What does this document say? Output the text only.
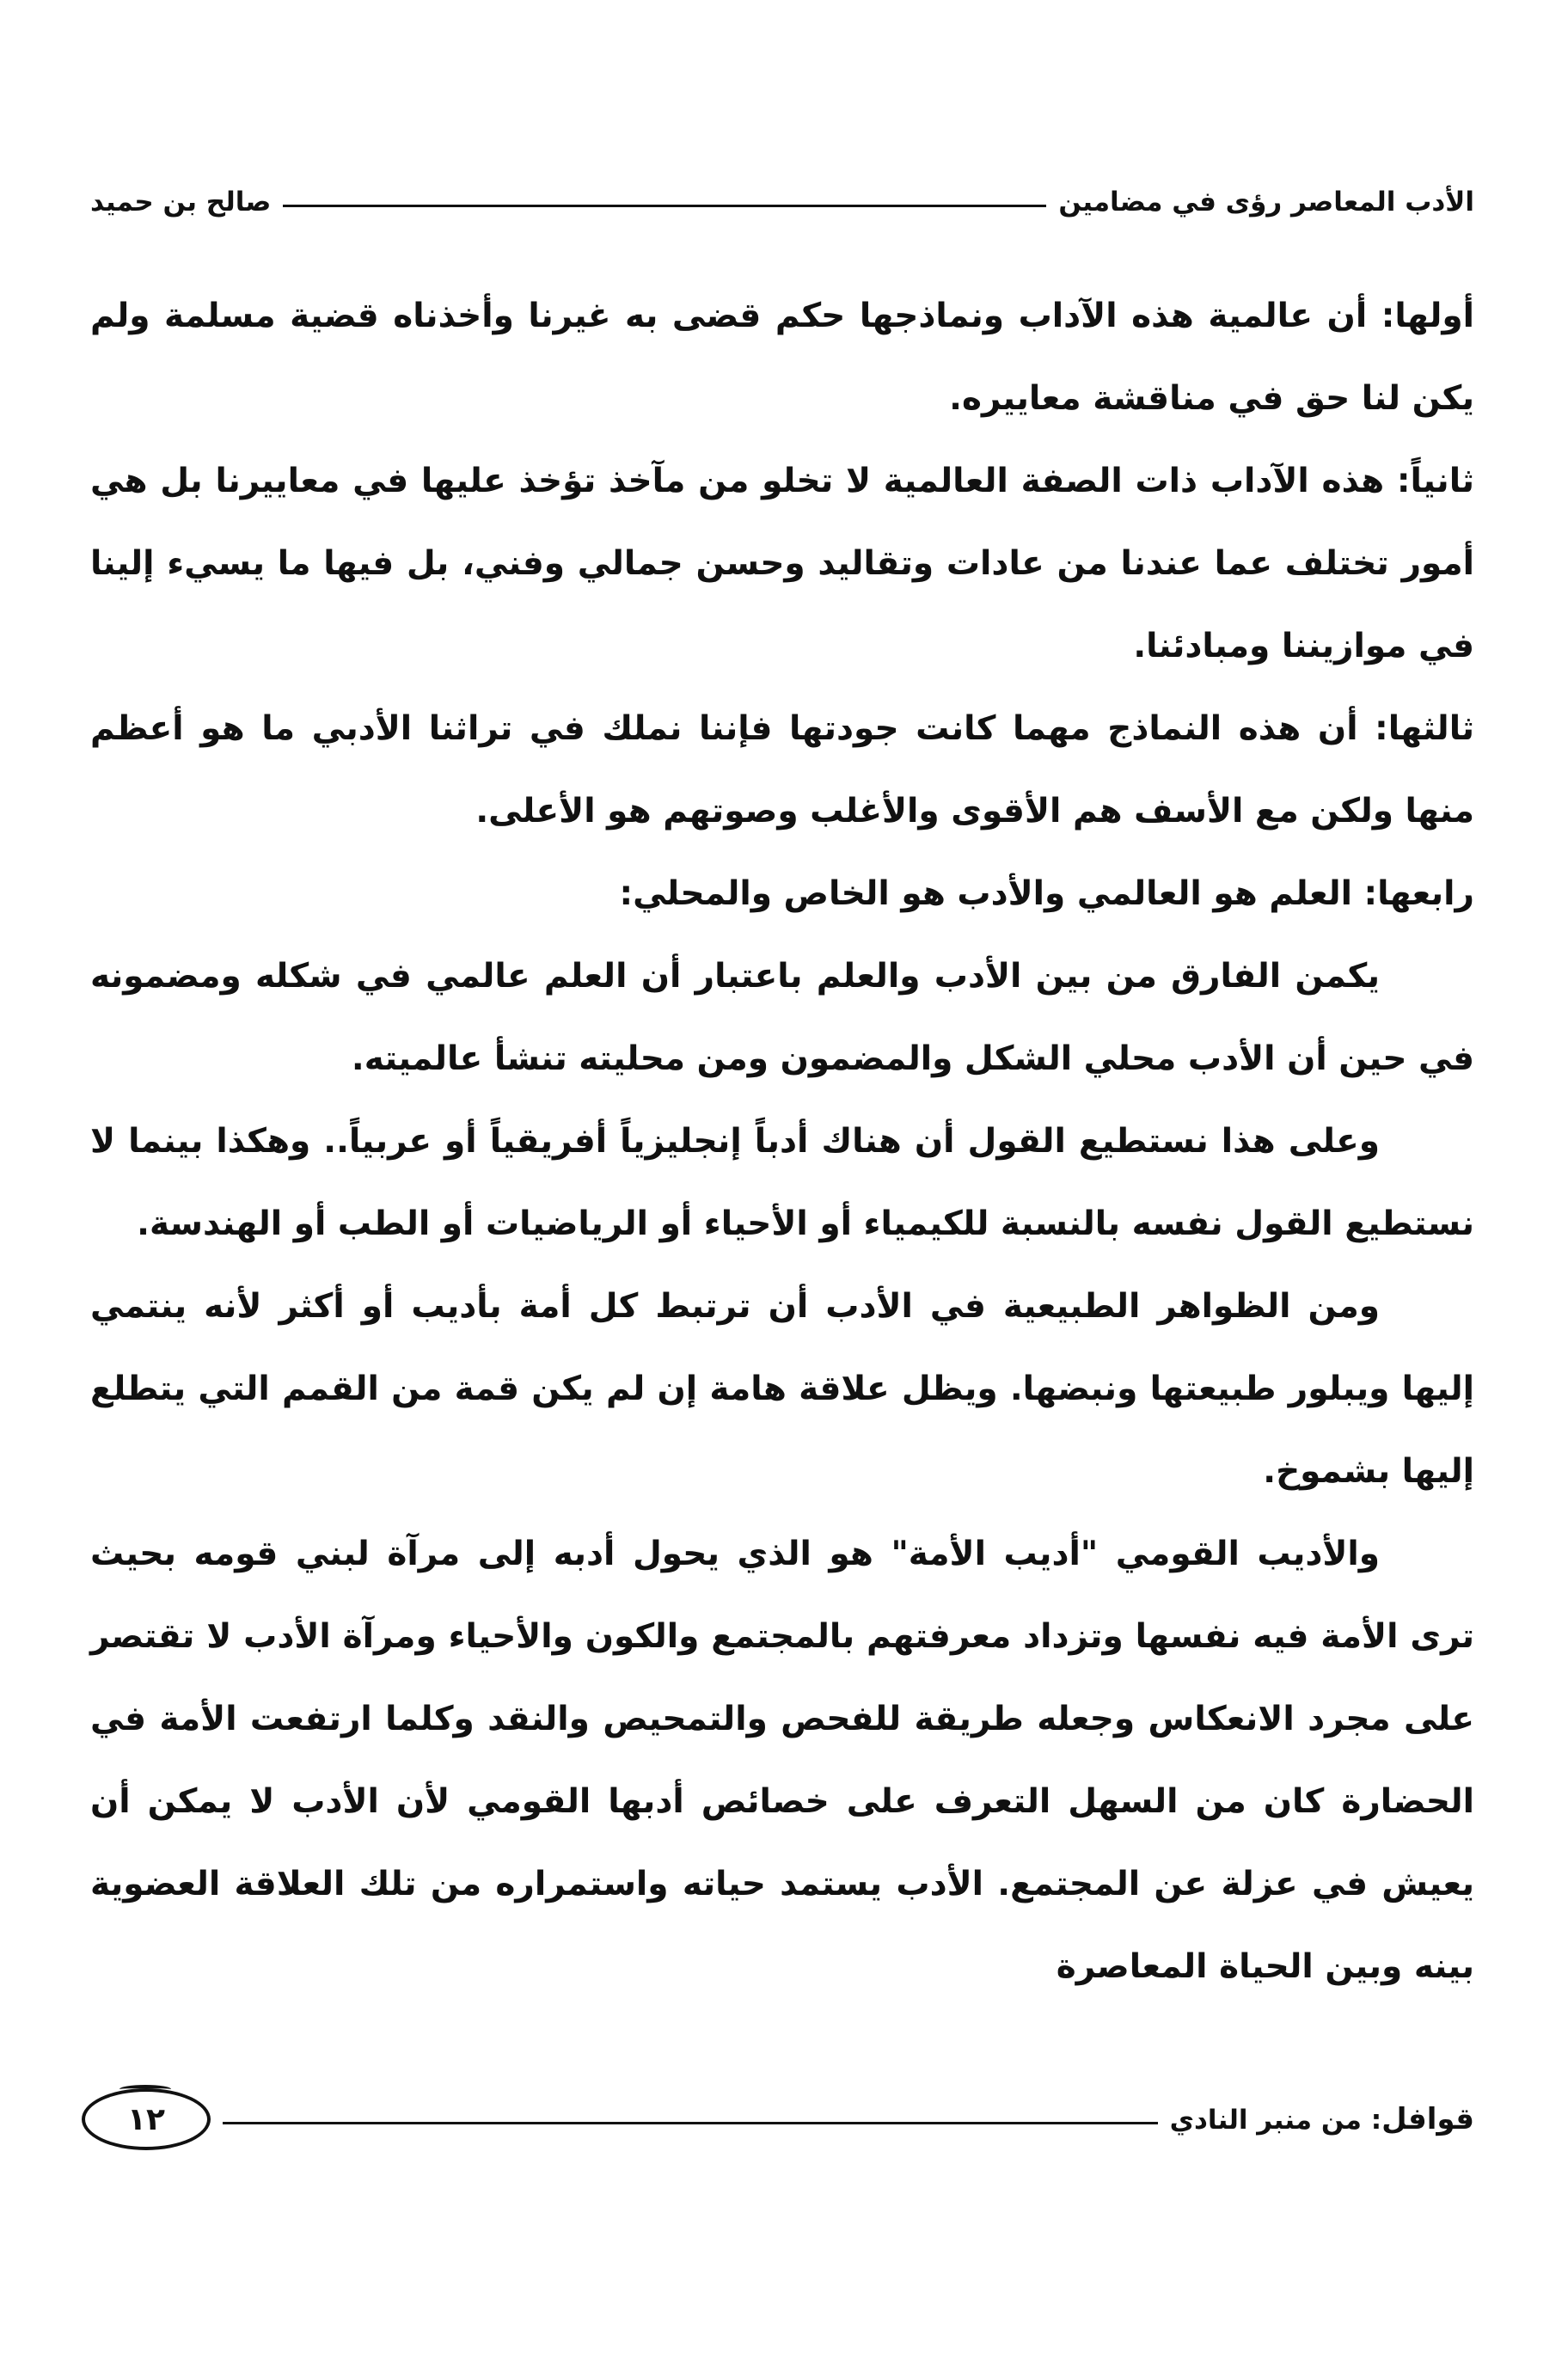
الأدب المعاصر رؤى في مضامين
صالح بن حميد

أولها: أن عالمية هذه الآداب ونماذجها حكم قضى به غيرنا وأخذناه قضية مسلمة ولم يكن لنا حق في مناقشة معاييره.

ثانياً: هذه الآداب ذات الصفة العالمية لا تخلو من مآخذ تؤخذ عليها في معاييرنا بل هي أمور تختلف عما عندنا من عادات وتقاليد وحسن جمالي وفني، بل فيها ما يسيء إلينا في موازيننا ومبادئنا.

ثالثها: أن هذه النماذج مهما كانت جودتها فإننا نملك في تراثنا الأدبي ما هو أعظم منها ولكن مع الأسف هم الأقوى والأغلب وصوتهم هو الأعلى.

رابعها: العلم هو العالمي والأدب هو الخاص والمحلي:

يكمن الفارق من بين الأدب والعلم باعتبار أن العلم عالمي في شكله ومضمونه في حين أن الأدب محلي الشكل والمضمون ومن محليته تنشأ عالميته.

وعلى هذا نستطيع القول أن هناك أدباً إنجليزياً أفريقياً أو عربياً.. وهكذا بينما لا نستطيع القول نفسه بالنسبة للكيمياء أو الأحياء أو الرياضيات أو الطب أو الهندسة.

ومن الظواهر الطبيعية في الأدب أن ترتبط كل أمة بأديب أو أكثر لأنه ينتمي إليها ويبلور طبيعتها ونبضها. ويظل علاقة هامة إن لم يكن قمة من القمم التي يتطلع إليها بشموخ.

والأديب القومي "أديب الأمة" هو الذي يحول أدبه إلى مرآة لبني قومه بحيث ترى الأمة فيه نفسها وتزداد معرفتهم بالمجتمع والكون والأحياء ومرآة الأدب لا تقتصر على مجرد الانعكاس وجعله طريقة للفحص والتمحيص والنقد وكلما ارتفعت الأمة في الحضارة كان من السهل التعرف على خصائص أدبها القومي لأن الأدب لا يمكن أن يعيش في عزلة عن المجتمع. الأدب يستمد حياته واستمراره من تلك العلاقة العضوية بينه وبين الحياة المعاصرة

قوافل: من منبر النادي
١٢
